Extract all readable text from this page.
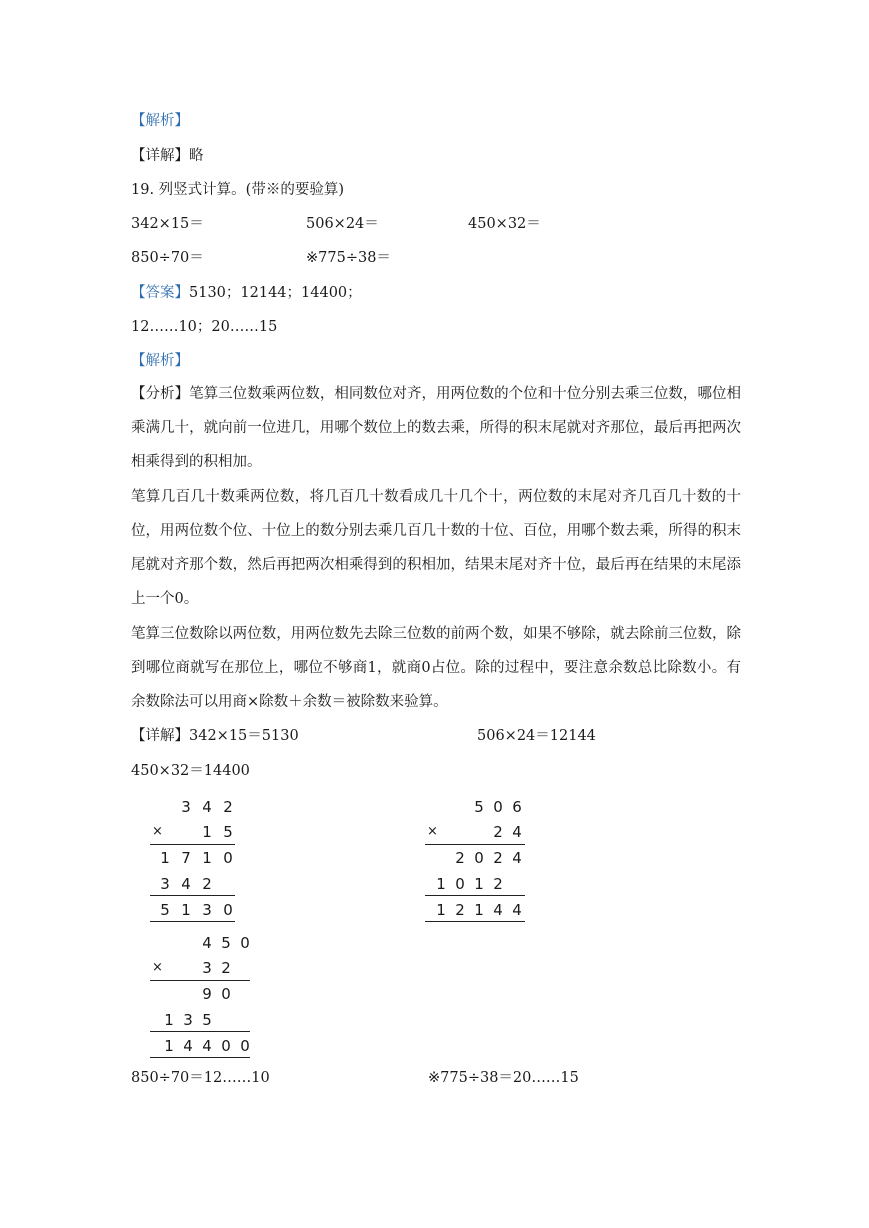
【解析】
【详解】略
19. 列竖式计算。(带※的要验算)
342×15＝	506×24＝	450×32＝
850÷70＝	※775÷38＝
【答案】5130；12144；14400；
12……10；20……15
【解析】
【分析】笔算三位数乘两位数，相同数位对齐，用两位数的个位和十位分别去乘三位数，哪位相乘满几十，就向前一位进几，用哪个数位上的数去乘，所得的积末尾就对齐那位，最后再把两次相乘得到的积相加。
笔算几百几十数乘两位数，将几百几十数看成几十几个十，两位数的末尾对齐几百几十数的十位，用两位数个位、十位上的数分别去乘几百几十数的十位、百位，用哪个数去乘，所得的积末尾就对齐那个数，然后再把两次相乘得到的积相加，结果末尾对齐十位，最后再在结果的末尾添上一个0。
笔算三位数除以两位数，用两位数先去除三位数的前两个数，如果不够除，就去除前三位数，除到哪位商就写在那位上，哪位不够商1，就商0占位。除的过程中，要注意余数总比除数小。有余数除法可以用商×除数＋余数＝被除数来验算。
【详解】342×15＝5130	506×24＝12144
450×32＝14400
3 4 2
1 5
1 7 1 0
3 4 2
5 1 3 0
×
5 0 6
2 4
2 0 2 4
1 0 1 2
1 2 1 4 4
×
4 5 0
3 2
9 0
1 3 5
1 4 4 0 0
×
850÷70＝12……10	※775÷38＝20……15
